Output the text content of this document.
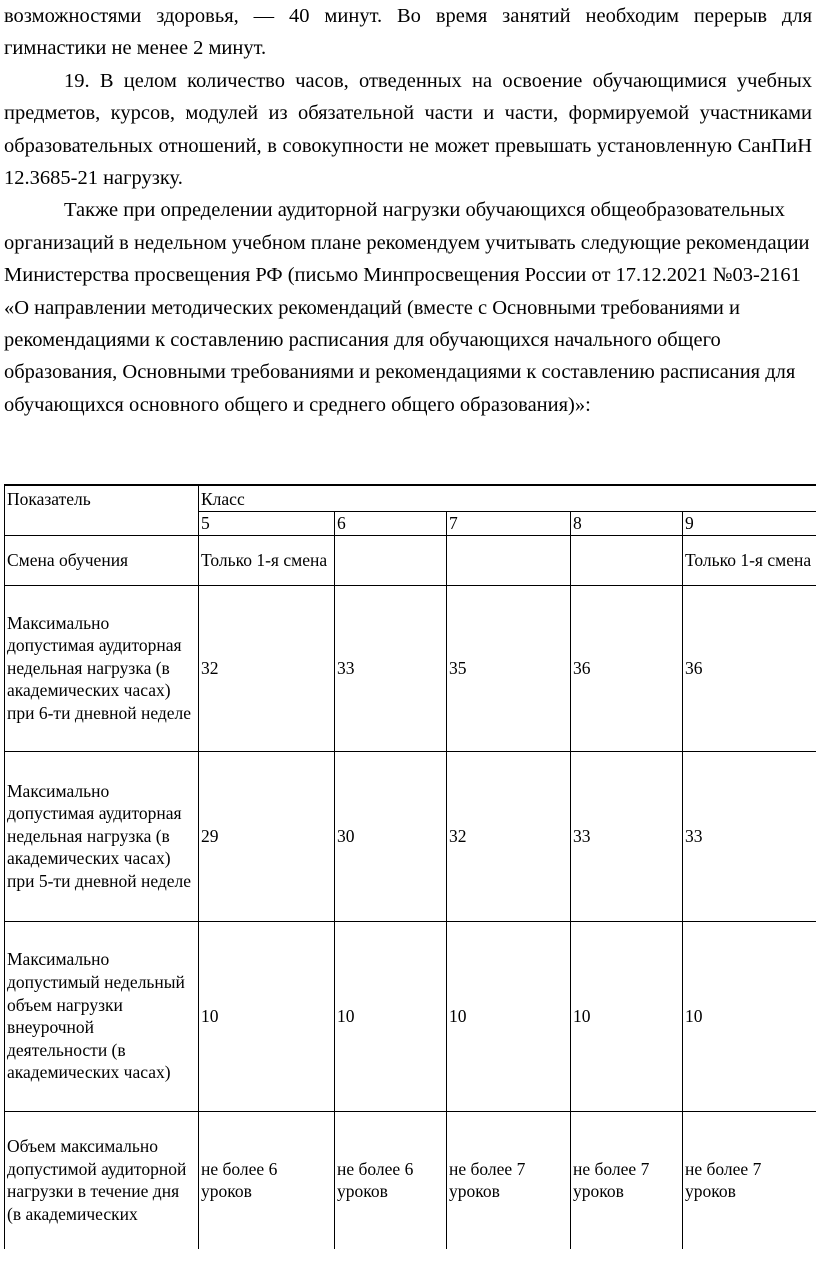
возможностями здоровья, — 40 минут. Во время занятий необходим перерыв для гимнастики не менее 2 минут.

19. В целом количество часов, отведенных на освоение обучающимися учебных предметов, курсов, модулей из обязательной части и части, формируемой участниками образовательных отношений, в совокупности не может превышать установленную СанПиН 12.3685-21 нагрузку.

Также при определении аудиторной нагрузки обучающихся общеобразовательных организаций в недельном учебном плане рекомендуем учитывать следующие рекомендации Министерства просвещения РФ (письмо Минпросвещения России от 17.12.2021 №03-2161 «О направлении методических рекомендаций (вместе с Основными требованиями и рекомендациями к составлению расписания для обучающихся начального общего образования, Основными требованиями и рекомендациями к составлению расписания для обучающихся основного общего и среднего общего образования)»:

Показатель	Класс				
	5	6	7	8	9
Смена обучения	Только 1-я смена				Только 1-я смена
Максимально допустимая аудиторная недельная нагрузка (в академических часах) при 6-ти дневной неделе	32	33	35	36	36
Максимально допустимая аудиторная недельная нагрузка (в академических часах) при 5-ти дневной неделе	29	30	32	33	33
Максимально допустимый недельный объем нагрузки внеурочной деятельности (в академических часах)	10	10	10	10	10
Объем максимально допустимой аудиторной нагрузки в течение дня (в академических	не более 6 уроков	не более 6 уроков	не более 7 уроков	не более 7 уроков	не более 7 уроков
